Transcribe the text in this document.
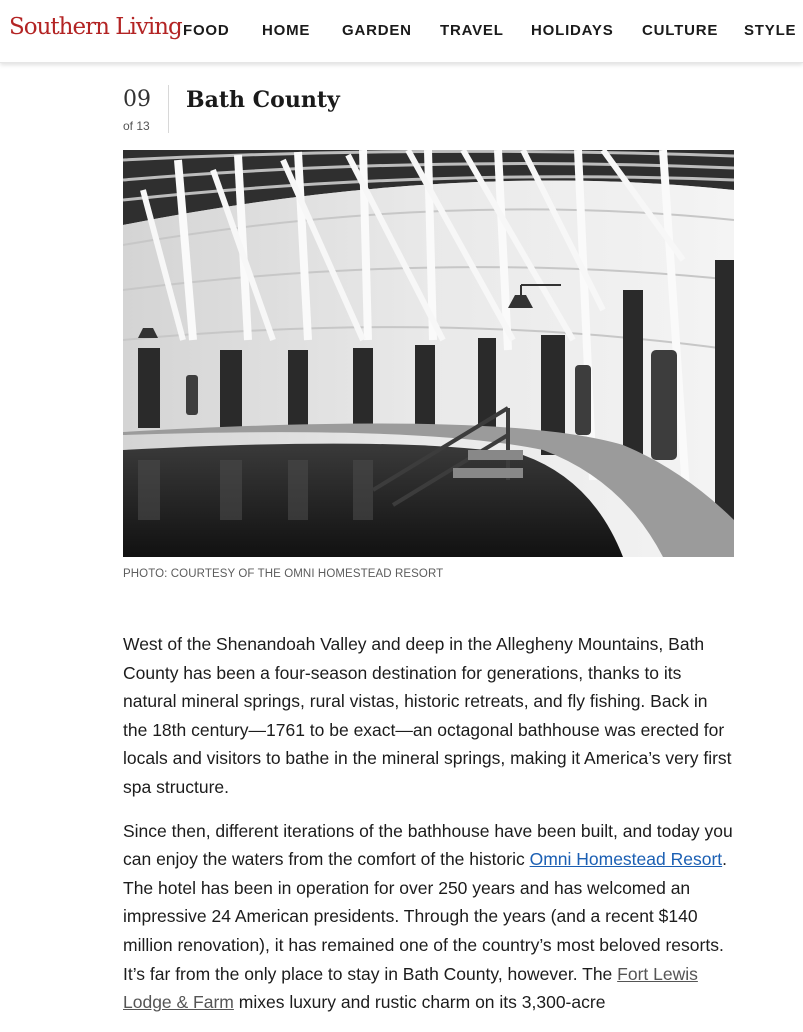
Southern Living FOOD HOME GARDEN TRAVEL HOLIDAYS CULTURE STYLE
09
of 13
Bath County
PHOTO: COURTESY OF THE OMNI HOMESTEAD RESORT

West of the Shenandoah Valley and deep in the Allegheny Mountains, Bath County has been a four-season destination for generations, thanks to its natural mineral springs, rural vistas, historic retreats, and fly fishing. Back in the 18th century—1761 to be exact—an octagonal bathhouse was erected for locals and visitors to bathe in the mineral springs, making it America’s very first spa structure.

Since then, different iterations of the bathhouse have been built, and today you can enjoy the waters from the comfort of the historic Omni Homestead Resort. The hotel has been in operation for over 250 years and has welcomed an impressive 24 American presidents. Through the years (and a recent $140 million renovation), it has remained one of the country’s most beloved resorts. It’s far from the only place to stay in Bath County, however. The Fort Lewis Lodge & Farm mixes luxury and rustic charm on its 3,300-acre
